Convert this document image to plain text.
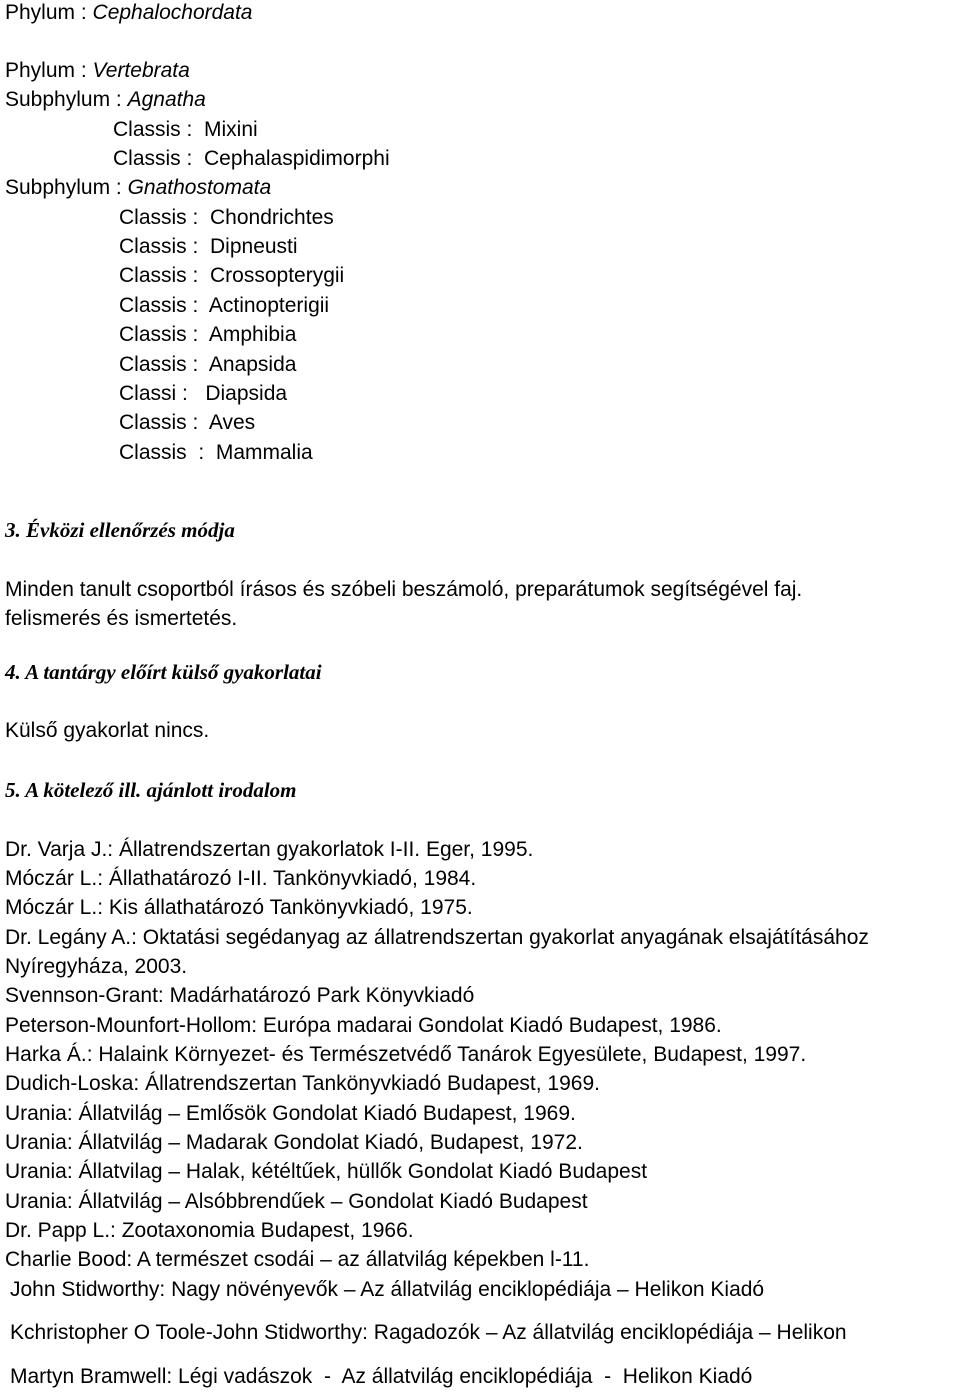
Phylum : Cephalochordata
Phylum : Vertebrata
Subphylum : Agnatha
Classis :  Mixini
Classis :  Cephalaspidimorphi
Subphylum : Gnathostomata
Classis :  Chondrichtes
Classis :  Dipneusti
Classis :  Crossopterygii
Classis :  Actinopterigii
Classis :  Amphibia
Classis :  Anapsida
Classi :   Diapsida
Classis :  Aves
Classis  :  Mammalia
3. Évközi ellenőrzés módja
Minden tanult csoportból írásos és szóbeli beszámoló, preparátumok segítségével faj.
felismerés és ismertetés.
4. A tantárgy előírt külső gyakorlatai
Külső gyakorlat nincs.
5. A kötelező ill. ajánlott irodalom
Dr. Varja J.: Állatrendszertan gyakorlatok I-II. Eger, 1995.
Móczár L.: Állathatározó I-II. Tankönyvkiadó, 1984.
Móczár L.: Kis állathatározó Tankönyvkiadó, 1975.
Dr. Legány A.: Oktatási segédanyag az állatrendszertan gyakorlat anyagának elsajátításához
Nyíregyháza, 2003.
Svennson-Grant: Madárhatározó Park Könyvkiadó
Peterson-Mounfort-Hollom: Európa madarai Gondolat Kiadó Budapest, 1986.
Harka Á.: Halaink Környezet- és Természetvédő Tanárok Egyesülete, Budapest, 1997.
Dudich-Loska: Állatrendszertan Tankönyvkiadó Budapest, 1969.
Urania: Állatvilág – Emlősök Gondolat Kiadó Budapest, 1969.
Urania: Állatvilág – Madarak Gondolat Kiadó, Budapest, 1972.
Urania: Állatvilag – Halak, kétéltűek, hüllők Gondolat Kiadó Budapest
Urania: Állatvilág – Alsóbbrendűek – Gondolat Kiadó Budapest
Dr. Papp L.: Zootaxonomia Budapest, 1966.
Charlie Bood: A természet csodái – az állatvilág képekben l-11.
John Stidworthy: Nagy növényevők – Az állatvilág enciklopédiája – Helikon Kiadó
Kchristopher O Toole-John Stidworthy: Ragadozók – Az állatvilág enciklopédiája – Helikon
Martyn Bramwell: Légi vadászok  -  Az állatvilág enciklopédiája  -  Helikon Kiadó
